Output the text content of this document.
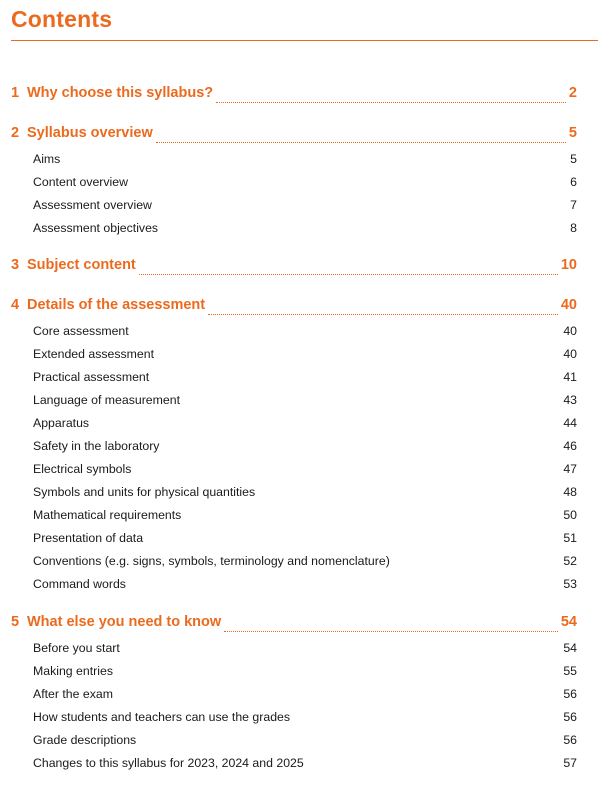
Contents
1 Why choose this syllabus?	2
2 Syllabus overview	5
Aims	5
Content overview	6
Assessment overview	7
Assessment objectives	8
3 Subject content	10
4 Details of the assessment	40
Core assessment	40
Extended assessment	40
Practical assessment	41
Language of measurement	43
Apparatus	44
Safety in the laboratory	46
Electrical symbols	47
Symbols and units for physical quantities	48
Mathematical requirements	50
Presentation of data	51
Conventions (e.g. signs, symbols, terminology and nomenclature)	52
Command words	53
5 What else you need to know	54
Before you start	54
Making entries	55
After the exam	56
How students and teachers can use the grades	56
Grade descriptions	56
Changes to this syllabus for 2023, 2024 and 2025	57
